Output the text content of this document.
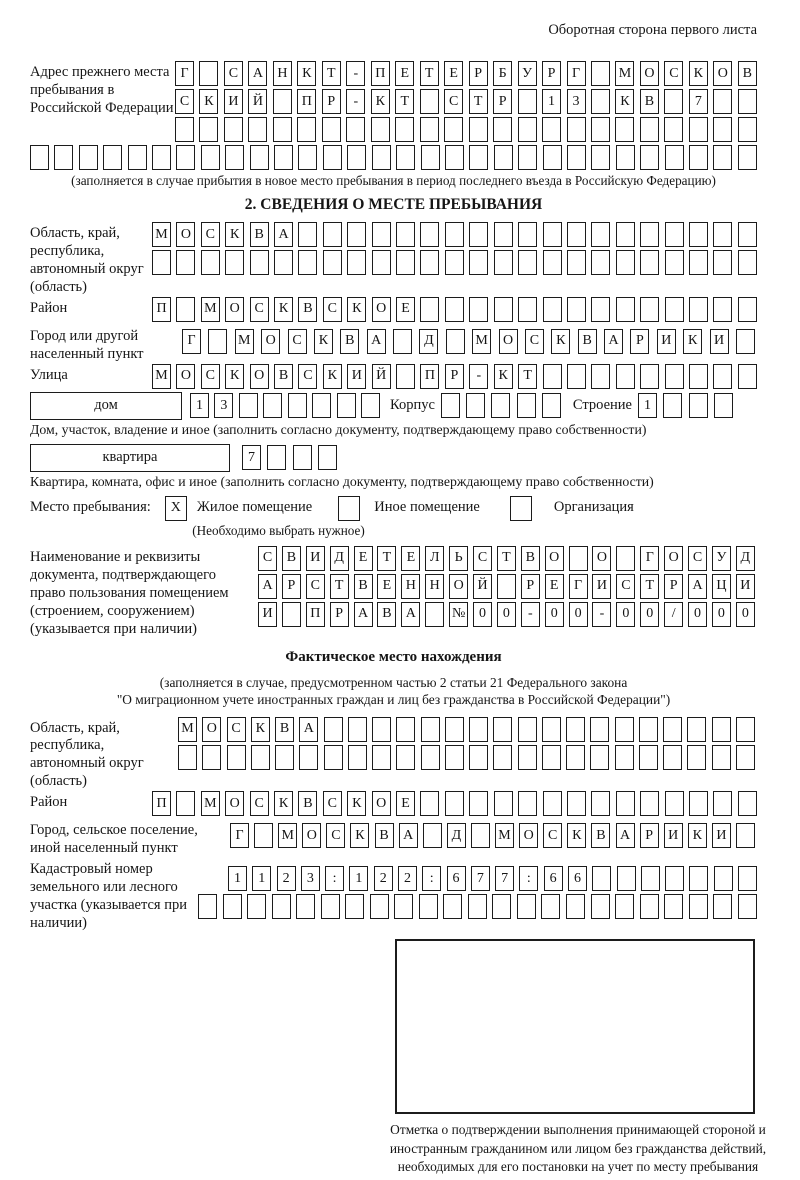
Оборотная сторона первого листа
Адрес прежнего места пребывания в Российской Федерации
Г	С	А	Н	К	Т	-	П	Е	Т	Е	Р	Б	У	Р	Г	М О	С	К	О	В
С	К	И	Й	П	Р	-	К	Т	С	Т	Р	1	3	К	В	7
(заполняется в случае прибытия в новое место пребывания в период последнего въезда в Российскую Федерацию)
2. СВЕДЕНИЯ О МЕСТЕ ПРЕБЫВАНИЯ
Область, край, республика, автономный округ (область)
М О	С	К	В	А
Район	П	М О	С	К	В	С	К	О	Е
Город или другой населенный пункт
Г	М	О	С	К	В	А	Д	М	О	С	К	В	А	Р	И	К	И
Улица	М О	С	К	О	В	С	К	И	Й	П	Р	-	К	Т
дом	1	3	Корпус	Строение 1
Дом, участок, владение и иное (заполнить согласно документу, подтверждающему право собственности)
квартира	7
Квартира, комната, офис и иное (заполнить согласно документу, подтверждающему право собственности)
Место пребывания:	X	Жилое помещение	Иное помещение	Организация
(Необходимо выбрать нужное)
Наименование и реквизиты документа, подтверждающего право пользования помещением (строением, сооружением) (указывается при наличии)
С	В	И	Д	Е	Т	Е	Л	Ь	С	Т	В	О	О	Г	О	С	У	Д
А	Р	С	Т	В	Е	Н Н О Й	Р	Е	Г	И	С	Т	Р	А Ц И
И	П	Р	А	В	А	№ 0	0	-	0	0	-	0	0	/	0	0	0
Фактическое место нахождения
(заполняется в случае, предусмотренном частью 2 статьи 21 Федерального закона
"О миграционном учете иностранных граждан и лиц без гражданства в Российской Федерации")
Область, край, республика, автономный округ (область)
М О	С	К	В	А
Район	П	М О	С	К	В	С	К	О	Е
Город, сельское поселение, иной населенный пункт
Г	М О	С	К	В	А	Д	М О	С	К	В	А	Р	И	К	И
Кадастровый номер земельного или лесного участка (указывается при наличии)
1	1	2	3	:	1	2	2	:	6	7	7	:	6	6
Отметка о подтверждении выполнения принимающей стороной и иностранным гражданином или лицом без гражданства действий, необходимых для его постановки на учет по месту пребывания
